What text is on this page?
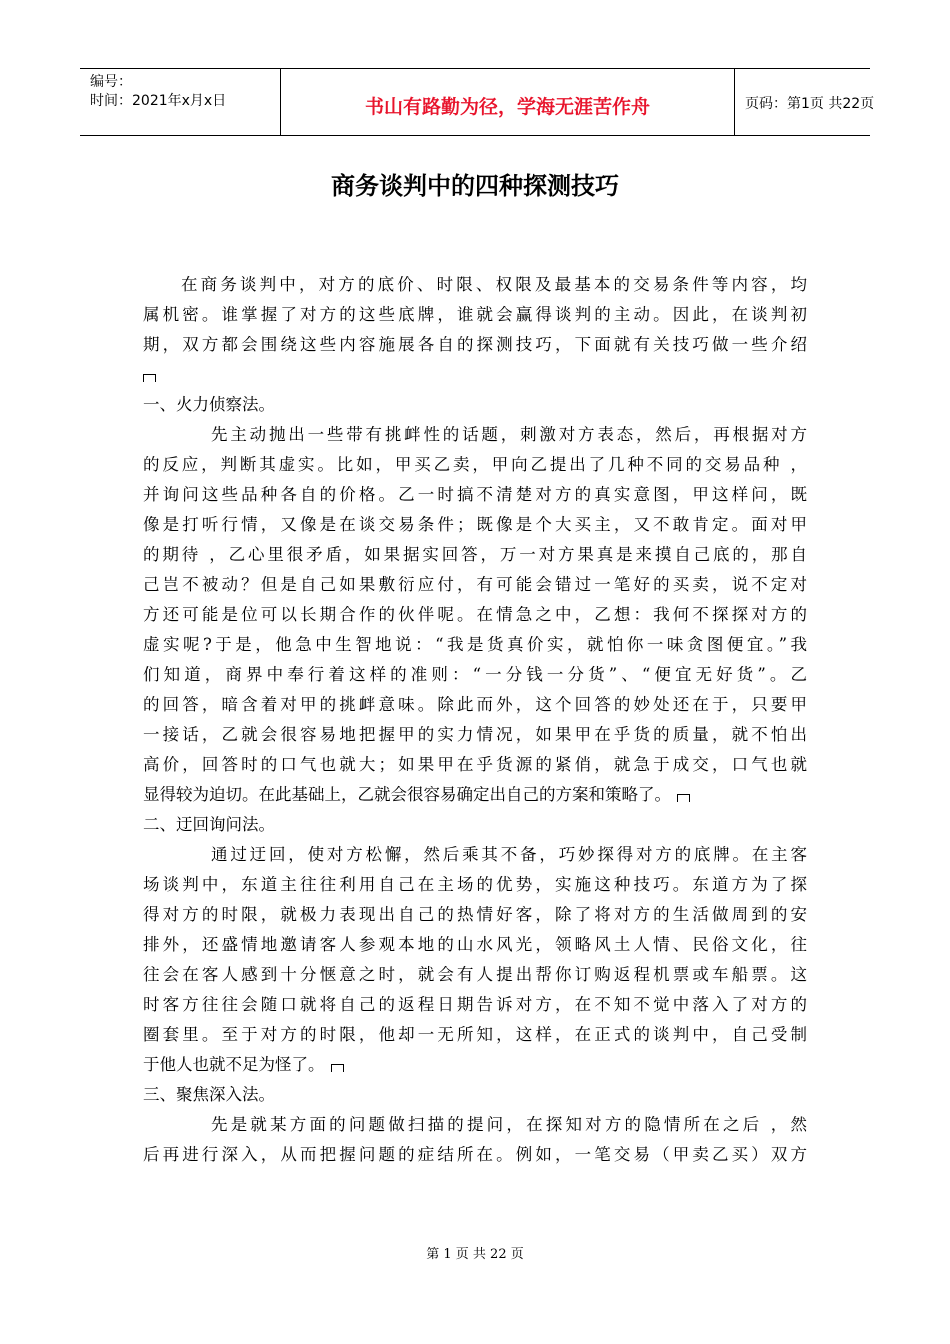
编号：
时间：2021年x月x日	书山有路勤为径，学海无涯苦作舟	页码：第1页 共22页
商务谈判中的四种探测技巧
在商务谈判中，对方的底价、时限、权限及最基本的交易条件等内容，均
属机密。谁掌握了对方的这些底牌，谁就会赢得谈判的主动。因此，在谈判初
期，双方都会围绕这些内容施展各自的探测技巧，下面就有关技巧做一些介绍
一、火力侦察法。
先主动抛出一些带有挑衅性的话题，刺激对方表态，然后，再根据对方
的反应，判断其虚实。比如，甲买乙卖，甲向乙提出了几种不同的交易品种 ，
并询问这些品种各自的价格。乙一时搞不清楚对方的真实意图，甲这样问，既
像是打听行情，又像是在谈交易条件；既像是个大买主，又不敢肯定。面对甲
的期待 ，乙心里很矛盾，如果据实回答，万一对方果真是来摸自己底的，那自
己岂不被动？但是自己如果敷衍应付，有可能会错过一笔好的买卖，说不定对
方还可能是位可以长期合作的伙伴呢。在情急之中，乙想：我何不探探对方的
虚实呢?于是，他急中生智地说：“我是货真价实，就怕你一味贪图便宜。”我
们知道，商界中奉行着这样的准则：“一分钱一分货”、“便宜无好货”。乙
的回答，暗含着对甲的挑衅意味。除此而外，这个回答的妙处还在于，只要甲
一接话，乙就会很容易地把握甲的实力情况，如果甲在乎货的质量，就不怕出
高价，回答时的口气也就大；如果甲在乎货源的紧俏，就急于成交，口气也就
显得较为迫切。在此基础上，乙就会很容易确定出自己的方案和策略了。
二、迂回询问法。
通过迂回，使对方松懈，然后乘其不备，巧妙探得对方的底牌。在主客
场谈判中，东道主往往利用自己在主场的优势，实施这种技巧。东道方为了探
得对方的时限，就极力表现出自己的热情好客，除了将对方的生活做周到的安
排外，还盛情地邀请客人参观本地的山水风光，领略风土人情、民俗文化，往
往会在客人感到十分惬意之时，就会有人提出帮你订购返程机票或车船票。这
时客方往往会随口就将自己的返程日期告诉对方，在不知不觉中落入了对方的
圈套里。至于对方的时限，他却一无所知，这样，在正式的谈判中，自己受制
于他人也就不足为怪了。
三、聚焦深入法。
先是就某方面的问题做扫描的提问，在探知对方的隐情所在之后 ，然
后再进行深入，从而把握问题的症结所在。例如，一笔交易（甲卖乙买）双方
第 1 页 共 22 页
